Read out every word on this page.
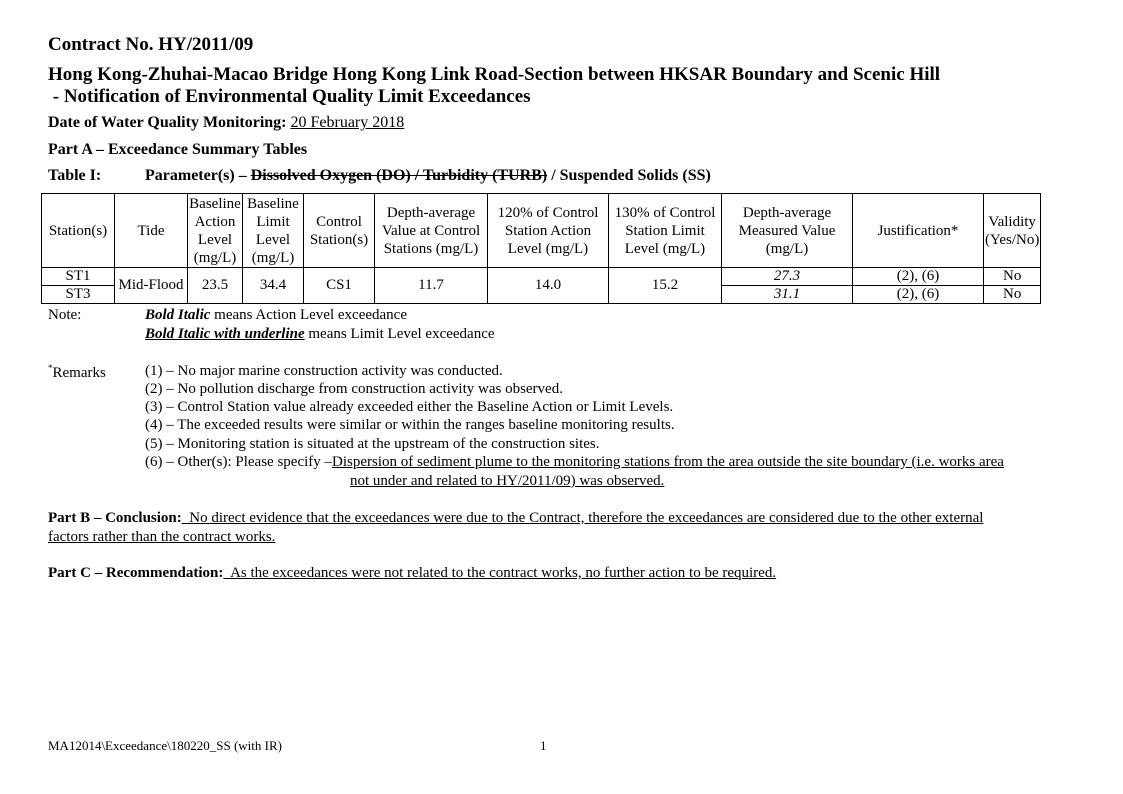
Contract No. HY/2011/09
Hong Kong-Zhuhai-Macao Bridge Hong Kong Link Road-Section between HKSAR Boundary and Scenic Hill
- Notification of Environmental Quality Limit Exceedances
Date of Water Quality Monitoring: 20 February 2018
Part A – Exceedance Summary Tables
Table I:	Parameter(s) – Dissolved Oxygen (DO) / Turbidity (TURB) / Suspended Solids (SS)
Station(s)	Tide	Baseline Action Level (mg/L)	Baseline Limit Level (mg/L)	Control Station(s)	Depth-average Value at Control Stations (mg/L)	120% of Control Station Action Level (mg/L)	130% of Control Station Limit Level (mg/L)	Depth-average Measured Value (mg/L)	Justification*	Validity (Yes/No)
ST1	Mid-Flood	23.5	34.4	CS1	11.7	14.0	15.2	27.3	(2), (6)	No
ST3								31.1	(2), (6)	No
Note:	Bold Italic means Action Level exceedance
Bold Italic with underline means Limit Level exceedance
*Remarks	(1) – No major marine construction activity was conducted.
(2) – No pollution discharge from construction activity was observed.
(3) – Control Station value already exceeded either the Baseline Action or Limit Levels.
(4) – The exceeded results were similar or within the ranges baseline monitoring results.
(5) – Monitoring station is situated at the upstream of the construction sites.
(6) – Other(s): Please specify –Dispersion of sediment plume to the monitoring stations from the area outside the site boundary (i.e. works area
not under and related to HY/2011/09) was observed.
Part B – Conclusion:  No direct evidence that the exceedances were due to the Contract, therefore the exceedances are considered due to the other external
factors rather than the contract works.
Part C – Recommendation:  As the exceedances were not related to the contract works, no further action to be required.
MA12014\Exceedance\180220_SS (with IR)	1
